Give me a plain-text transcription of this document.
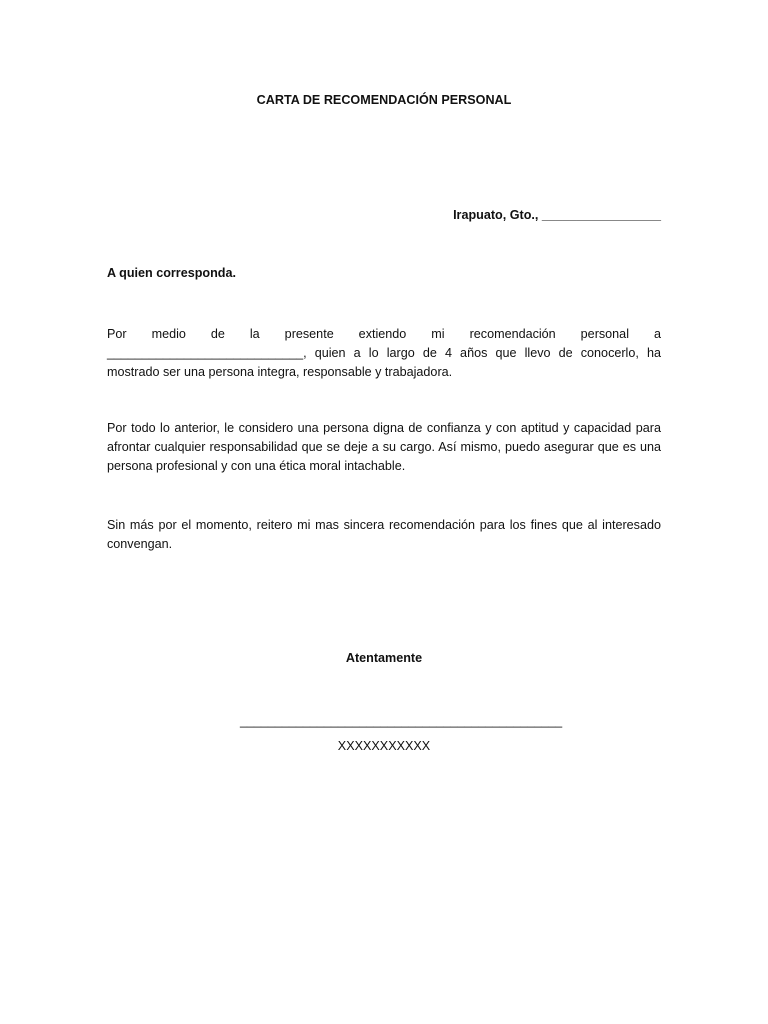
CARTA DE RECOMENDACIÓN PERSONAL
Irapuato, Gto., _________________
A quien corresponda.
Por medio de la presente extiendo mi recomendación personal a ____________________________, quien a lo largo de 4 años que llevo de conocerlo, ha mostrado ser una persona integra, responsable y trabajadora.
Por todo lo anterior, le considero una persona digna de confianza y con aptitud y capacidad para afrontar cualquier responsabilidad que se deje a su cargo. Así mismo, puedo asegurar que es una persona profesional y con una ética moral intachable.
Sin más por el momento, reitero mi mas sincera recomendación para los fines que al interesado convengan.
Atentamente
______________________________________________
XXXXXXXXXXX
